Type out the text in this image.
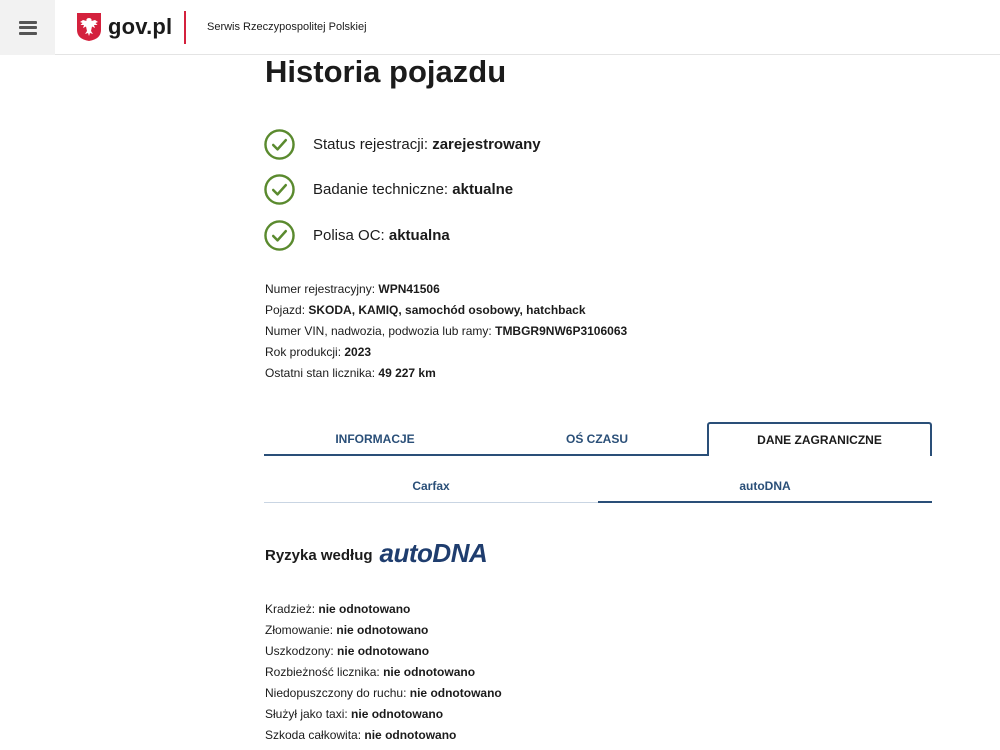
gov.pl	Serwis Rzeczypospolitej Polskiej
Historia pojazdu
Status rejestracji: zarejestrowany
Badanie techniczne: aktualne
Polisa OC: aktualna
Numer rejestracyjny: WPN41506
Pojazd: SKODA, KAMIQ, samochód osobowy, hatchback
Numer VIN, nadwozia, podwozia lub ramy: TMBGR9NW6P3106063
Rok produkcji: 2023
Ostatni stan licznika: 49 227 km
INFORMACJE	OŚ CZASU	DANE ZAGRANICZNE
Carfax	autoDNA
Ryzyka według autoDNA
Kradzież: nie odnotowano
Złomowanie: nie odnotowano
Uszkodzony: nie odnotowano
Rozbieżność licznika: nie odnotowano
Niedopuszczony do ruchu: nie odnotowano
Służył jako taxi: nie odnotowano
Szkoda całkowita: nie odnotowano
